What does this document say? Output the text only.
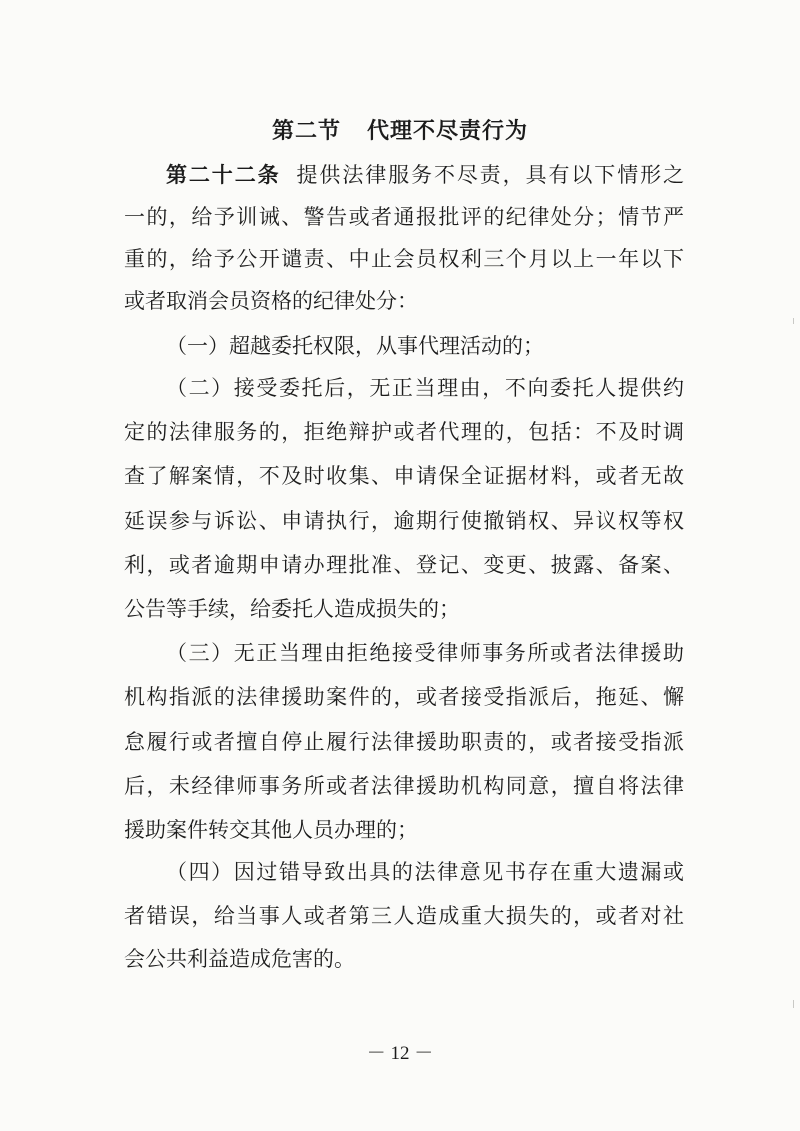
第二节   代理不尽责行为
第二十二条 提供法律服务不尽责，具有以下情形之
一的，给予训诫、警告或者通报批评的纪律处分；情节严
重的，给予公开谴责、中止会员权利三个月以上一年以下
或者取消会员资格的纪律处分：
（一）超越委托权限，从事代理活动的；
（二）接受委托后，无正当理由，不向委托人提供约
定的法律服务的，拒绝辩护或者代理的，包括：不及时调
查了解案情，不及时收集、申请保全证据材料，或者无故
延误参与诉讼、申请执行，逾期行使撤销权、异议权等权
利，或者逾期申请办理批准、登记、变更、披露、备案、
公告等手续，给委托人造成损失的；
（三）无正当理由拒绝接受律师事务所或者法律援助
机构指派的法律援助案件的，或者接受指派后，拖延、懈
怠履行或者擅自停止履行法律援助职责的，或者接受指派
后，未经律师事务所或者法律援助机构同意，擅自将法律
援助案件转交其他人员办理的；
（四）因过错导致出具的法律意见书存在重大遗漏或
者错误，给当事人或者第三人造成重大损失的，或者对社
会公共利益造成危害的。
－ 12 －
